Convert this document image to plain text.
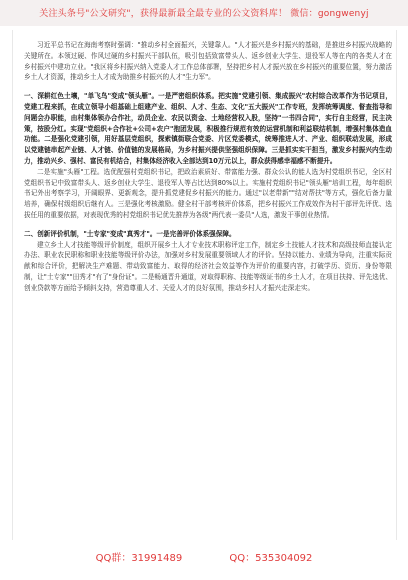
关注头条号"公文研究"，获得最新最全最专业的公文资料库！ 微信：gongwenyj

习近平总书记在海南考察时强调："推动乡村全面振兴，关键靠人。"人才振兴是乡村振兴的基础，是推进乡村振兴战略的关键所在。本领过硬、作风过硬的乡村振兴干部队伍，吸引包括致富带头人、返乡创业大学生、退役军人等在内的各类人才在乡村振兴中建功立业。"我区将乡村振兴纳入党委人才工作总体部署，坚持把乡村人才振兴放在乡村振兴的重要位置，努力激活乡土人才资源，推动乡土人才成为助推乡村振兴的人才"生力军"。

一、深耕红色土壤，"单飞鸟"变成"领头雁"。一是严密组织体系。把实施"党建引领、集成振兴"农村综合改革作为书记项目，党建工程来抓，在成立领导小组基础上组建产业、组织、人才、生态、文化"五大振兴"工作专班，发挥统筹调度、督查指导和问题会办职能，由村集体领办合作社，动员企业、农民以资金、土地经营权入股，坚持"一书四合同"，实行自主经营，民主决策，按股分红。实现"党组织+合作社+公司+农户"抱团发展，积极推行规范有效的运营机制和利益联结机制，增强村集体造血功能。二是强化党建引领，用好基层党组织，探索镇街联合党委、片区党委模式，统筹推进人才、产业、组织联动发展，形成以党建链串起产业链、人才链、价值链的发展格局，为乡村振兴提供坚强组织保障。三是抓实实干担当，激发乡村振兴内生动力，推动兴乡、强村、富民有机结合，村集体经济收入全部达到10万元以上，群众获得感幸福感不断提升。

二是实施"头雁"工程。选优配强村党组织书记，把政治素质好、带富能力强、群众公认的能人选为村党组织书记，全区村党组织书记中致富带头人、返乡创业大学生、退役军人等占比达到80%以上。实施村党组织书记"领头雁"培训工程，每年组织书记外出考察学习，开阔眼界、更新观念，提升抓党建促乡村振兴的能力。通过"以老带新""结对帮扶"等方式，强化后备力量培养，确保村级组织后继有人。三是强化考核激励。健全村干部考核评价体系，把乡村振兴工作成效作为村干部评先评优、选拔任用的重要依据，对表现优秀的村党组织书记优先推荐为各级"两代表一委员"人选，激发干事创业热情。

二、创新评价机制，"土专家"变成"真秀才"。一是完善评价体系强保障。

建立乡土人才技能等级评价制度，组织开展乡土人才专业技术职称评定工作，制定乡土技能人才技术和高级技师直接认定办法、职业农民职称和职业技能等级评价办法，加强对乡村发展重要领域人才的评价。坚持以能力、业绩为导向，注重实际贡献和综合评价，把解决生产难题、带动致富能力、取得的经济社会效益等作为评价的重要内容，打破学历、资历、身份等限制，让"土专家""田秀才"有了"身份证"。二是畅通晋升通道，对取得职称、技能等级证书的乡土人才，在项目扶持、评先选优、创业贷款等方面给予倾斜支持，营造尊重人才、关爱人才的良好氛围，推动乡村人才振兴走深走实。

QQ群：31991489	QQ：535304092
